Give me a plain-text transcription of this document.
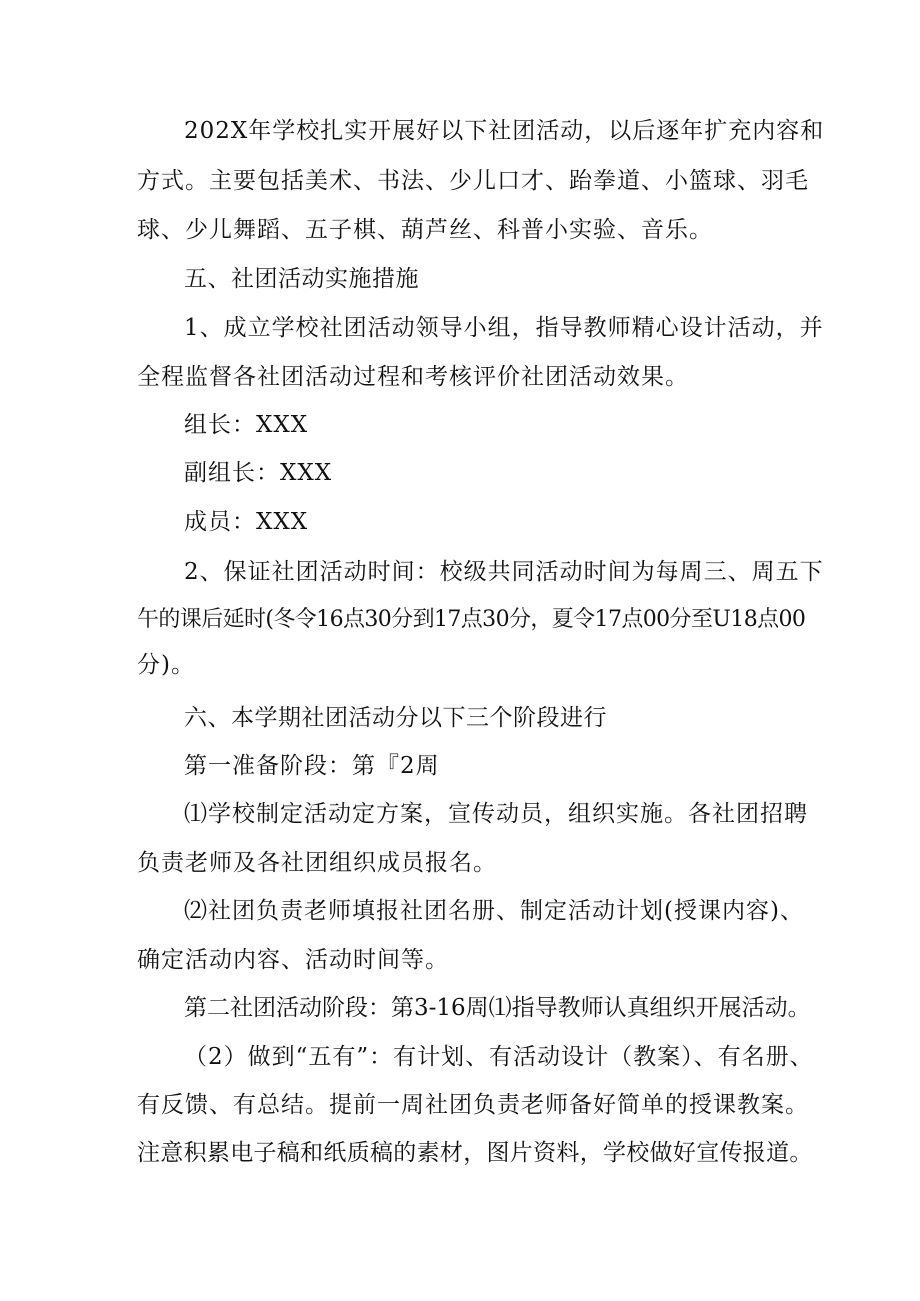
202X年学校扎实开展好以下社团活动，以后逐年扩充内容和
方式。主要包括美术、书法、少儿口才、跆拳道、小篮球、羽毛
球、少儿舞蹈、五子棋、葫芦丝、科普小实验、音乐。
五、社团活动实施措施
1、成立学校社团活动领导小组，指导教师精心设计活动，并
全程监督各社团活动过程和考核评价社团活动效果。
组长：XXX
副组长：XXX
成员：XXX
2、保证社团活动时间：校级共同活动时间为每周三、周五下
午的课后延时(冬令16点30分到17点30分，夏令17点00分至U18点00
分)。
六、本学期社团活动分以下三个阶段进行
第一准备阶段：第『2周
⑴学校制定活动定方案，宣传动员，组织实施。各社团招聘
负责老师及各社团组织成员报名。
⑵社团负责老师填报社团名册、制定活动计划(授课内容)、
确定活动内容、活动时间等。
第二社团活动阶段：第3-16周⑴指导教师认真组织开展活动。
（2）做到“五有”：有计划、有活动设计（教案）、有名册、
有反馈、有总结。提前一周社团负责老师备好简单的授课教案。
注意积累电子稿和纸质稿的素材，图片资料，学校做好宣传报道。
